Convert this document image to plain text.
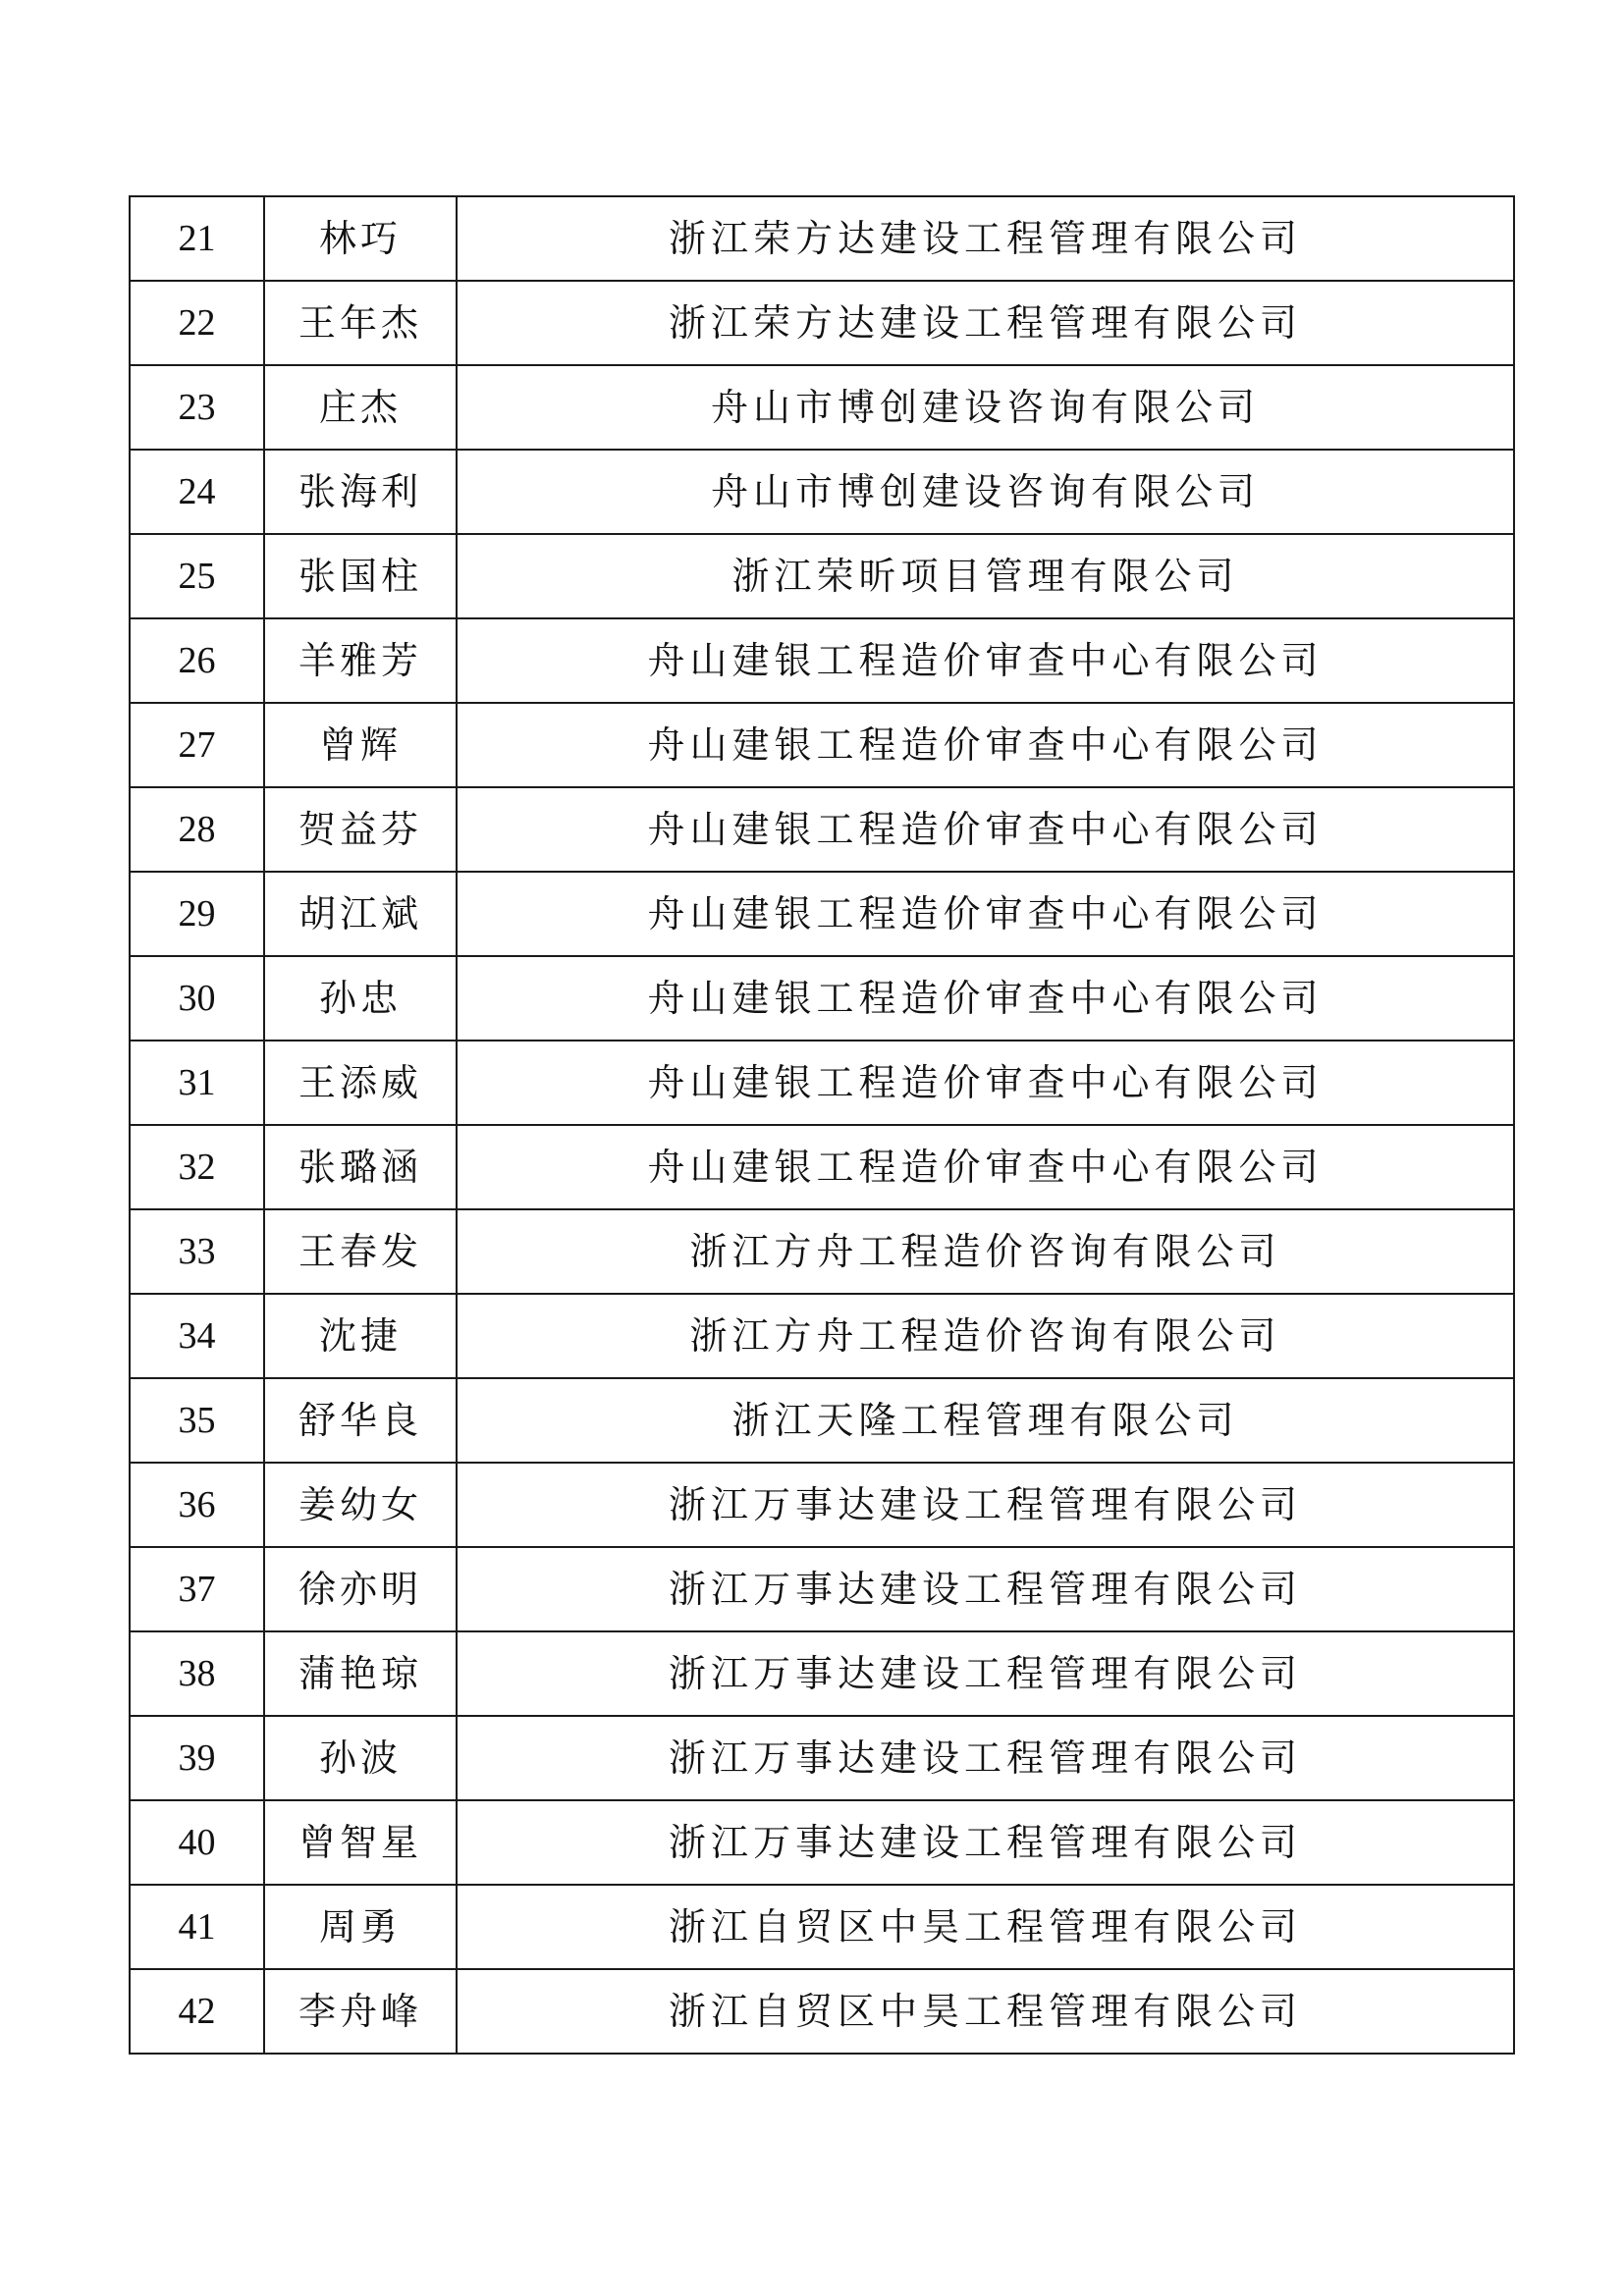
21	林巧	浙江荣方达建设工程管理有限公司
22	王年杰	浙江荣方达建设工程管理有限公司
23	庄杰	舟山市博创建设咨询有限公司
24	张海利	舟山市博创建设咨询有限公司
25	张国柱	浙江荣昕项目管理有限公司
26	羊雅芳	舟山建银工程造价审查中心有限公司
27	曾辉	舟山建银工程造价审查中心有限公司
28	贺益芬	舟山建银工程造价审查中心有限公司
29	胡江斌	舟山建银工程造价审查中心有限公司
30	孙忠	舟山建银工程造价审查中心有限公司
31	王添威	舟山建银工程造价审查中心有限公司
32	张璐涵	舟山建银工程造价审查中心有限公司
33	王春发	浙江方舟工程造价咨询有限公司
34	沈捷	浙江方舟工程造价咨询有限公司
35	舒华良	浙江天隆工程管理有限公司
36	姜幼女	浙江万事达建设工程管理有限公司
37	徐亦明	浙江万事达建设工程管理有限公司
38	蒲艳琼	浙江万事达建设工程管理有限公司
39	孙波	浙江万事达建设工程管理有限公司
40	曾智星	浙江万事达建设工程管理有限公司
41	周勇	浙江自贸区中昊工程管理有限公司
42	李舟峰	浙江自贸区中昊工程管理有限公司
